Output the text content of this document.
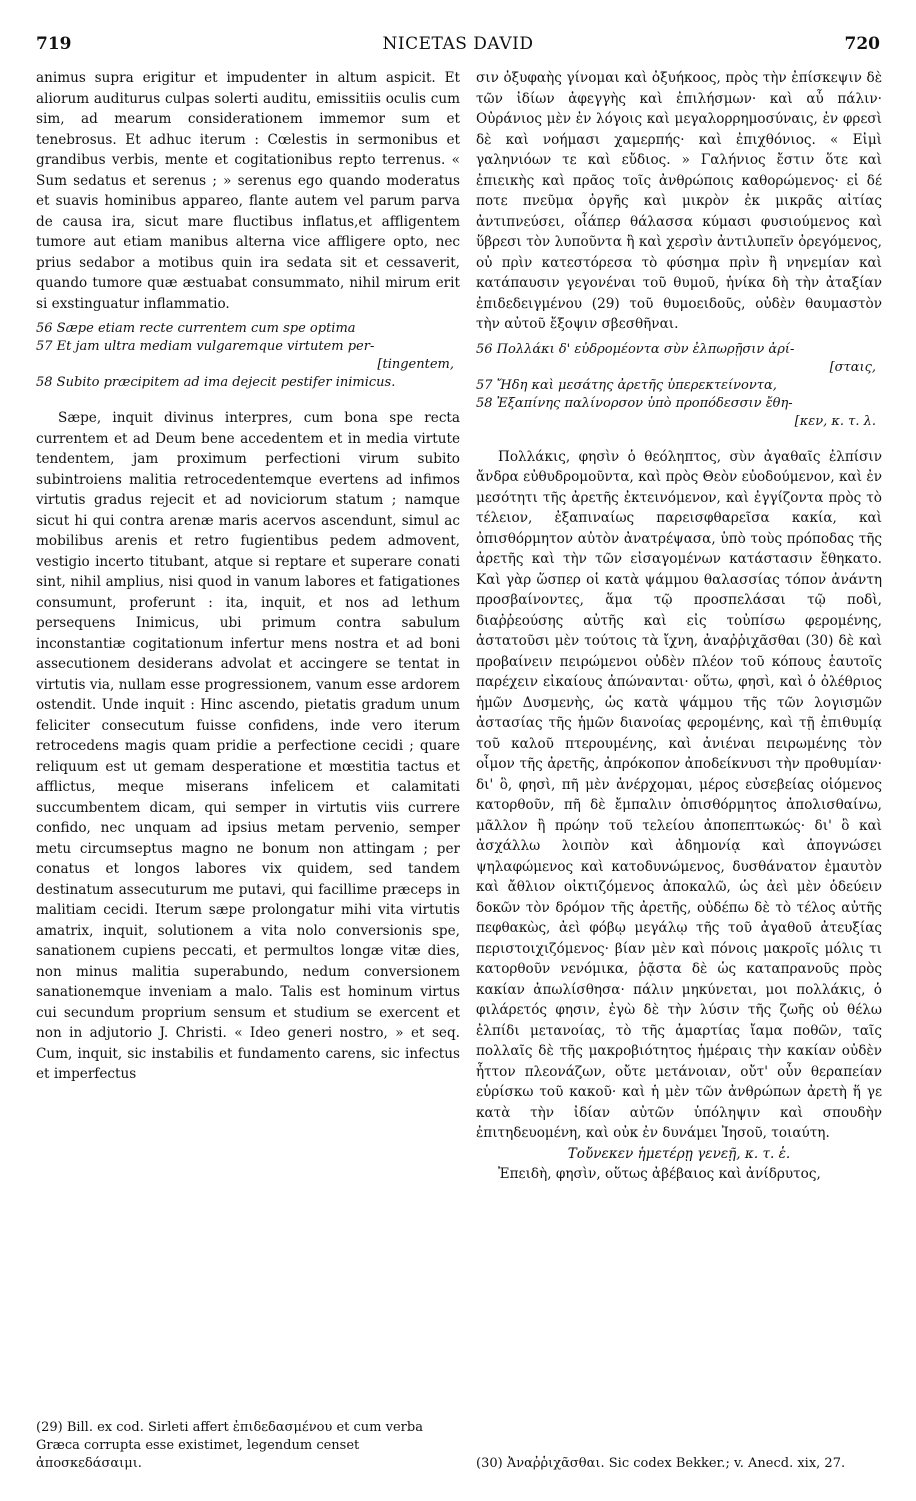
719	NICETAS DAVID	720

animus supra erigitur et impudenter in altum aspicit. Et aliorum auditurus culpas solerti auditu, emissitiis oculis cum sim, ad mearum considerationem immemor sum et tenebrosus. Et adhuc iterum : Cœlestis in sermonibus et grandibus verbis, mente et cogitationibus repto terrenus. « Sum sedatus et serenus ; » serenus ego quando moderatus et suavis hominibus appareo, flante autem vel parum parva de causa ira, sicut mare fluctibus inflatus,et affligentem tumore aut etiam manibus alterna vice affligere opto, nec prius sedabor a motibus quin ira sedata sit et cessaverit, quando tumore quæ æstuabat consummato, nihil mirum erit si exstinguatur inflammatio.

56 Sæpe etiam recte currentem cum spe optima
57 Et jam ultra mediam vulgaremque virtutem per-
[tingentem,
58 Subito præcipitem ad ima dejecit pestifer inimicus.

Sæpe, inquit divinus interpres, cum bona spe recta currentem et ad Deum bene accedentem et in media virtute tendentem, jam proximum perfectioni virum subito subintroiens malitia retrocedentemque evertens ad infimos virtutis gradus rejecit et ad noviciorum statum ; namque sicut hi qui contra arenæ maris acervos ascendunt, simul ac mobilibus arenis et retro fugientibus pedem admovent, vestigio incerto titubant, atque si reptare et superare conati sint, nihil amplius, nisi quod in vanum labores et fatigationes consumunt, proferunt : ita, inquit, et nos ad lethum persequens Inimicus, ubi primum contra sabulum inconstantiæ cogitationum infertur mens nostra et ad boni assecutionem desiderans advolat et accingere se tentat in virtutis via, nullam esse progressionem, vanum esse ardorem ostendit. Unde inquit : Hinc ascendo, pietatis gradum unum feliciter consecutum fuisse confidens, inde vero iterum retrocedens magis quam pridie a perfectione cecidi ; quare reliquum est ut gemam desperatione et mœstitia tactus et afflictus, meque miserans infelicem et calamitati succumbentem dicam, qui semper in virtutis viis currere confido, nec unquam ad ipsius metam pervenio, semper metu circumseptus magno ne bonum non attingam ; per conatus et longos labores vix quidem, sed tandem destinatum assecuturum me putavi, qui facillime præceps in malitiam cecidi. Iterum sæpe prolongatur mihi vita virtutis amatrix, inquit, solutionem a vita nolo conversionis spe, sanationem cupiens peccati, et permultos longæ vitæ dies, non minus malitia superabundo, nedum conversionem sanationemque inveniam a malo. Talis est hominum virtus cui secundum proprium sensum et studium se exercent et non in adjutorio J. Christi. « Ideo generi nostro, » et seq. Cum, inquit, sic instabilis et fundamento carens, sic infectus et imperfectus

σιν ὀξυφαὴς γίνομαι καὶ ὀξυήκοος, πρὸς τὴν ἐπίσκεψιν δὲ τῶν ἰδίων ἀφεγγὴς καὶ ἐπιλήσμων· καὶ αὖ πάλιν· Οὐράνιος μὲν ἐν λόγοις καὶ μεγαλορρημοσύναις, ἐν φρεσὶ δὲ καὶ νοήμασι χαμερπής· καὶ ἐπιχθόνιος. « Εἰμὶ γαληνιόων τε καὶ εὔδιος. » Γαλήνιος ἔστιν ὅτε καὶ ἐπιεικὴς καὶ πρᾶος τοῖς ἀνθρώποις καθορώμενος· εἰ δέ ποτε πνεῦμα ὀργῆς καὶ μικρὸν ἐκ μικρᾶς αἰτίας ἀντιπνεύσει, οἷάπερ θάλασσα κύμασι φυσιούμενος καὶ ὕβρεσι τὸν λυποῦντα ἢ καὶ χερσὶν ἀντιλυπεῖν ὀρεγόμενος, οὐ πρὶν κατεστόρεσα τὸ φύσημα πρὶν ἢ νηνεμίαν καὶ κατάπαυσιν γεγονέναι τοῦ θυμοῦ, ἡνίκα δὴ τὴν ἀταξίαν ἐπιδεδειγμένου (29) τοῦ θυμοειδοῦς, οὐδὲν θαυμαστὸν τὴν αὐτοῦ ἔξοψιν σβεσθῆναι.

56 Πολλάκι δ' εὐδρομέοντα σὺν ἐλπωρῇσιν ἀρί-
[σταις,
57 Ἤδη καὶ μεσάτης ἀρετῆς ὑπερεκτείνοντα,
58 Ἐξαπίνης παλίνορσον ὑπὸ προπόδεσσιν ἔθη-
[κεν, κ. τ. λ.

Πολλάκις, φησὶν ὁ θεόληπτος, σὺν ἀγαθαῖς ἐλπίσιν ἄνδρα εὐθυδρομοῦντα, καὶ πρὸς Θεὸν εὐοδούμενον, καὶ ἐν μεσότητι τῆς ἀρετῆς ἐκτεινόμενον, καὶ ἐγγίζοντα πρὸς τὸ τέλειον, ἐξαπιναίως παρεισφθαρεῖσα κακία, καὶ ὀπισθόρμητον αὐτὸν ἀνατρέψασα, ὑπὸ τοὺς πρόποδας τῆς ἀρετῆς καὶ τὴν τῶν εἰσαγομένων κατάστασιν ἔθηκατο. Καὶ γὰρ ὥσπερ οἱ κατὰ ψάμμου θαλασσίας τόπον ἀνάντη προσβαίνοντες, ἅμα τῷ προσπελάσαι τῷ ποδὶ, διαῤῥεούσης αὐτῆς καὶ εἰς τοὐπίσω φερομένης, ἀστατοῦσι μὲν τούτοις τὰ ἴχνη, ἀναῤῥιχᾶσθαι (30) δὲ καὶ προβαίνειν πειρώμενοι οὐδὲν πλέον τοῦ κόπους ἑαυτοῖς παρέχειν εἰκαίους ἀπώνανται· οὕτω, φησὶ, καὶ ὁ ὀλέθριος ἡμῶν Δυσμενὴς, ὡς κατὰ ψάμμου τῆς τῶν λογισμῶν ἀστασίας τῆς ἡμῶν διανοίας φερομένης, καὶ τῇ ἐπιθυμίᾳ τοῦ καλοῦ πτερουμένης, καὶ ἀνιέναι πειρωμένης τὸν οἶμον τῆς ἀρετῆς, ἀπρόκοπον ἀποδείκνυσι τὴν προθυμίαν· δι' ὃ, φησὶ, πῆ μὲν ἀνέρχομαι, μέρος εὐσεβείας οἰόμενος κατορθοῦν, πῆ δὲ ἔμπαλιν ὀπισθόρμητος ἀπολισθαίνω, μᾶλλον ἢ πρώην τοῦ τελείου ἀποπεπτωκώς· δι' ὃ καὶ ἀσχάλλω λοιπὸν καὶ ἀδημονίᾳ καὶ ἀπογνώσει ψηλαφώμενος καὶ κατοδυνώμενος, δυσθάνατον ἐμαυτὸν καὶ ἄθλιον οἰκτιζόμενος ἀποκαλῶ, ὡς ἀεὶ μὲν ὁδεύειν δοκῶν τὸν δρόμον τῆς ἀρετῆς, οὐδέπω δὲ τὸ τέλος αὐτῆς πεφθακὼς, ἀεὶ φόβῳ μεγάλῳ τῆς τοῦ ἀγαθοῦ ἀτευξίας περιστοιχιζόμενος· βίαν μὲν καὶ πόνοις μακροῖς μόλις τι κατορθοῦν νενόμικα, ῥᾷστα δὲ ὡς καταπρανοῦς πρὸς κακίαν ἀπωλίσθησα· πάλιν μηκύνεται, μοι πολλάκις, ὁ φιλάρετός φησιν, ἐγὼ δὲ τὴν λύσιν τῆς ζωῆς οὐ θέλω ἐλπίδι μετανοίας, τὸ τῆς ἁμαρτίας ἴαμα ποθῶν, ταῖς πολλαῖς δὲ τῆς μακροβιότητος ἡμέραις τὴν κακίαν οὐδὲν ἧττον πλεονάζων, οὔτε μετάνοιαν, οὔτ' οὖν θεραπείαν εὑρίσκω τοῦ κακοῦ· καὶ ἡ μὲν τῶν ἀνθρώπων ἀρετὴ ἥ γε κατὰ τὴν ἰδίαν αὐτῶν ὑπόληψιν καὶ σπουδὴν ἐπιτηδευομένη, καὶ οὐκ ἐν δυνάμει Ἰησοῦ, τοιαύτη.

Τοὔνεκεν ἡμετέρῃ γενεῇ, κ. τ. ἑ.

Ἐπειδὴ, φησὶν, οὕτως ἀβέβαιος καὶ ἀνίδρυτος,

(29) Bill. ex cod. Sirleti affert ἐπιδεδασμένου et cum verba Græca corrupta esse existimet, legendum censet ἀποσκεδάσαιμι.	(30) Ἀναῤῥιχᾶσθαι. Sic codex Bekker.; v. Anecd. xix, 27.
